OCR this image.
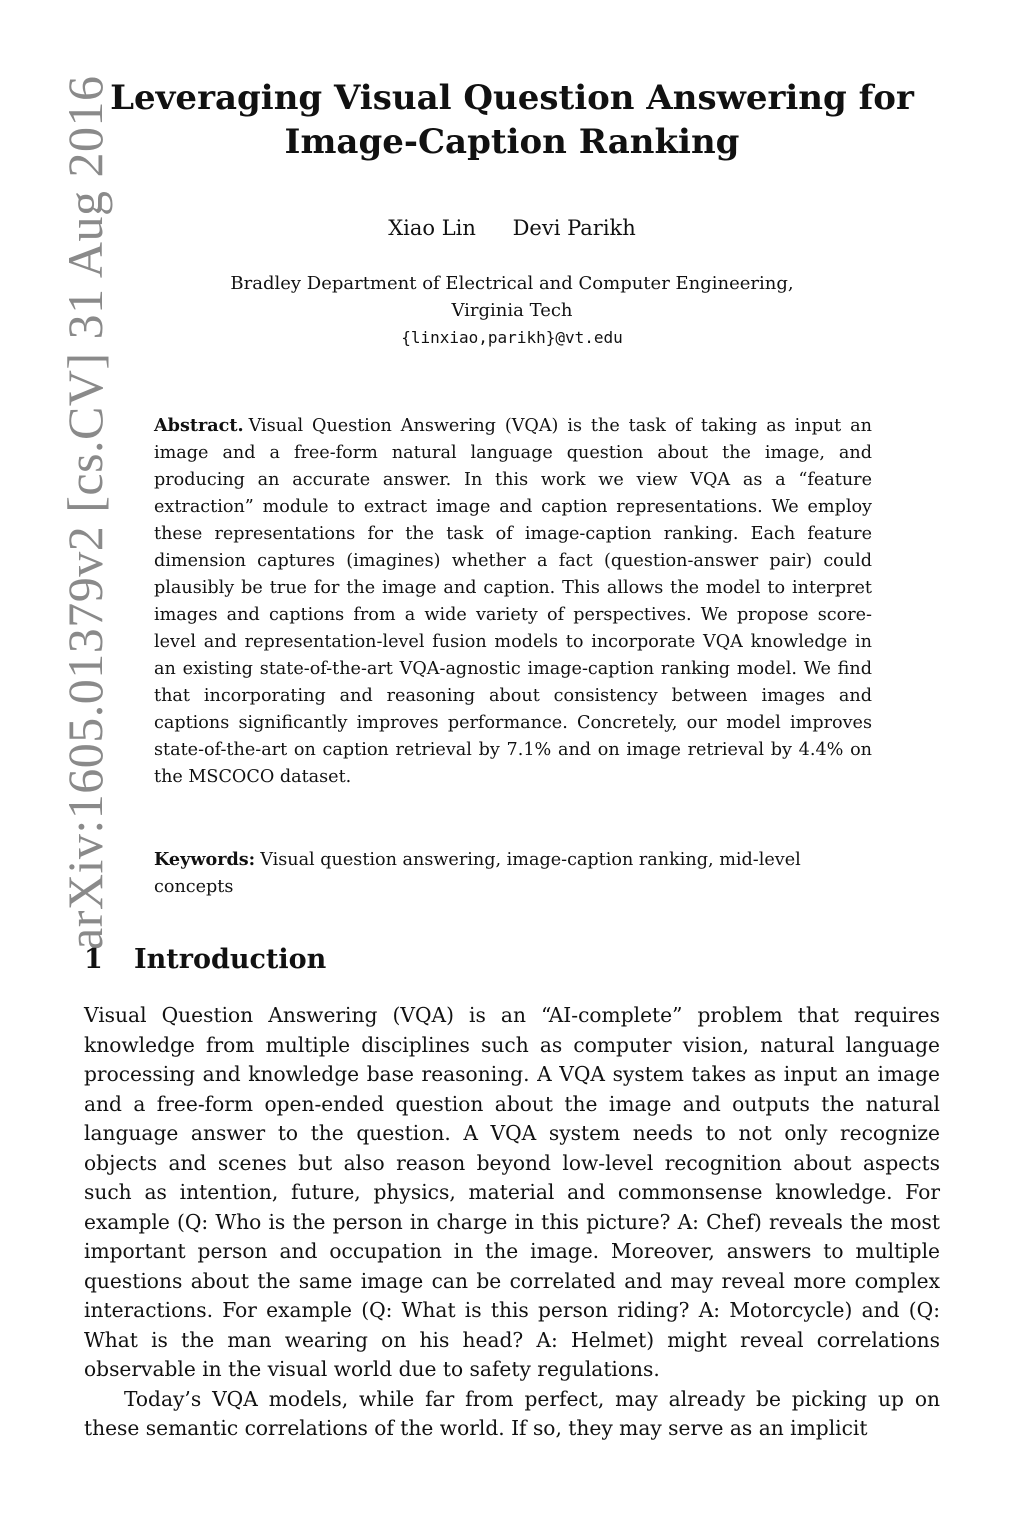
arXiv:1605.01379v2 [cs.CV] 31 Aug 2016
Leveraging Visual Question Answering for
Image-Caption Ranking
Xiao Lin Devi Parikh
Bradley Department of Electrical and Computer Engineering,
Virginia Tech
{linxiao,parikh}@vt.edu

Abstract. Visual Question Answering (VQA) is the task of taking as input an image and a free-form natural language question about the image, and producing an accurate answer. In this work we view VQA as a “feature extraction” module to extract image and caption representations. We employ these representations for the task of image-caption ranking. Each feature dimension captures (imagines) whether a fact (question-answer pair) could plausibly be true for the image and caption. This allows the model to interpret images and captions from a wide variety of perspectives. We propose score-level and representation-level fusion models to incorporate VQA knowledge in an existing state-of-the-art VQA-agnostic image-caption ranking model. We find that incorporating and reasoning about consistency between images and captions significantly improves performance. Concretely, our model improves state-of-the-art on caption retrieval by 7.1% and on image retrieval by 4.4% on the MSCOCO dataset.

Keywords: Visual question answering, image-caption ranking, mid-level concepts

1 Introduction

Visual Question Answering (VQA) is an “AI-complete” problem that requires knowledge from multiple disciplines such as computer vision, natural language processing and knowledge base reasoning. A VQA system takes as input an image and a free-form open-ended question about the image and outputs the natural language answer to the question. A VQA system needs to not only recognize objects and scenes but also reason beyond low-level recognition about aspects such as intention, future, physics, material and commonsense knowledge. For example (Q: Who is the person in charge in this picture? A: Chef) reveals the most important person and occupation in the image. Moreover, answers to multiple questions about the same image can be correlated and may reveal more complex interactions. For example (Q: What is this person riding? A: Motorcycle) and (Q: What is the man wearing on his head? A: Helmet) might reveal correlations observable in the visual world due to safety regulations.

Today’s VQA models, while far from perfect, may already be picking up on these semantic correlations of the world. If so, they may serve as an implicit
